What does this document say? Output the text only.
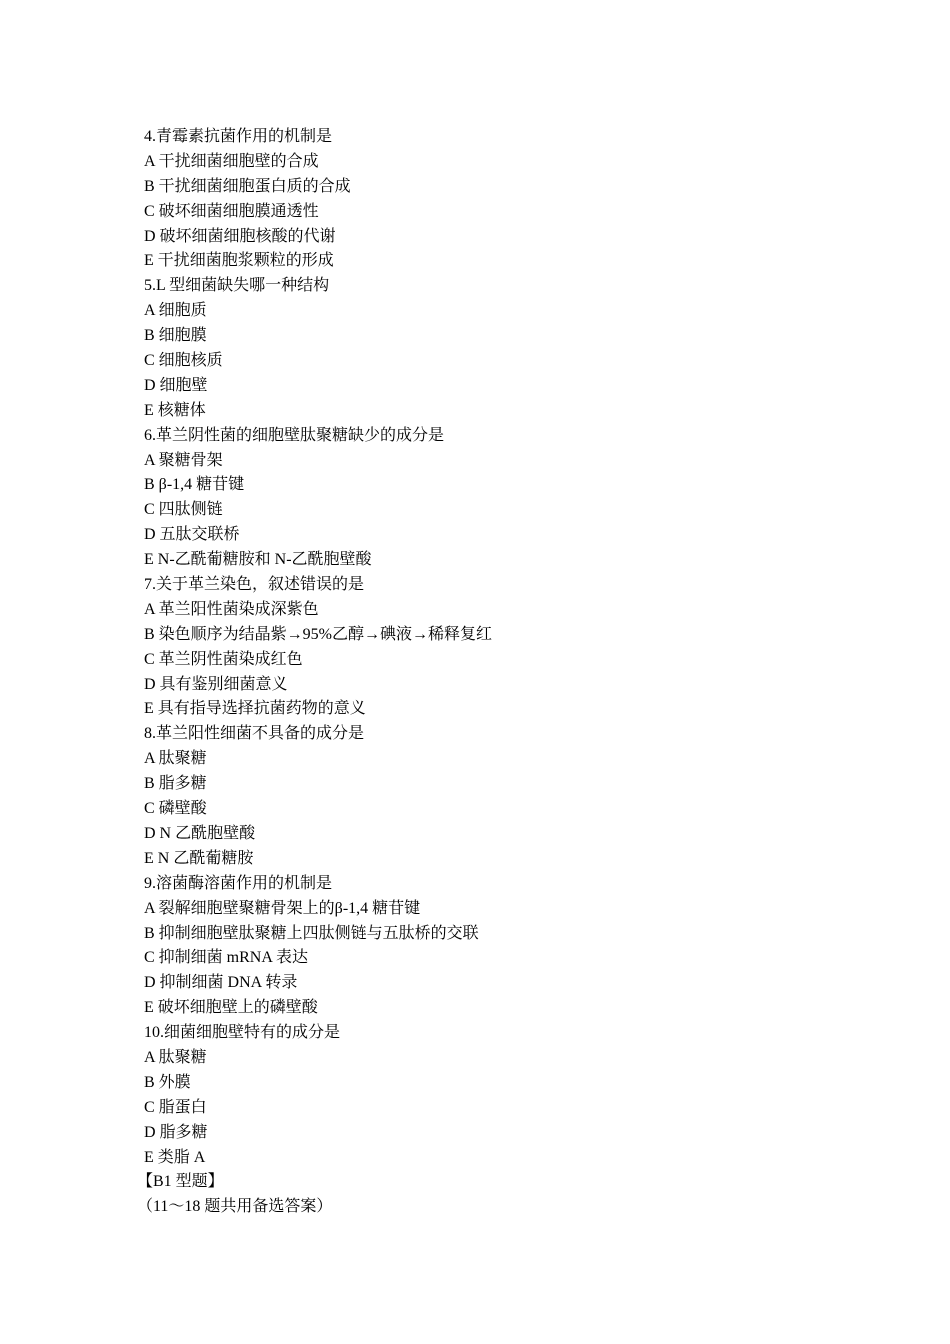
4.青霉素抗菌作用的机制是
A 干扰细菌细胞壁的合成
B 干扰细菌细胞蛋白质的合成
C 破坏细菌细胞膜通透性
D 破坏细菌细胞核酸的代谢
E 干扰细菌胞浆颗粒的形成
5.L 型细菌缺失哪一种结构
A 细胞质
B 细胞膜
C 细胞核质
D 细胞壁
E 核糖体
6.革兰阴性菌的细胞壁肽聚糖缺少的成分是
A 聚糖骨架
B β-1,4 糖苷键
C 四肽侧链
D 五肽交联桥
E N-乙酰葡糖胺和 N-乙酰胞壁酸
7.关于革兰染色，叙述错误的是
A 革兰阳性菌染成深紫色
B 染色顺序为结晶紫→95%乙醇→碘液→稀释复红
C 革兰阴性菌染成红色
D 具有鉴别细菌意义
E 具有指导选择抗菌药物的意义
8.革兰阳性细菌不具备的成分是
A 肽聚糖
B 脂多糖
C 磷壁酸
D N 乙酰胞壁酸
E N 乙酰葡糖胺
9.溶菌酶溶菌作用的机制是
A 裂解细胞壁聚糖骨架上的β-1,4 糖苷键
B 抑制细胞壁肽聚糖上四肽侧链与五肽桥的交联
C 抑制细菌 mRNA 表达
D 抑制细菌 DNA 转录
E 破坏细胞壁上的磷壁酸
10.细菌细胞壁特有的成分是
A 肽聚糖
B 外膜
C 脂蛋白
D 脂多糖
E 类脂 A
【B1 型题】
（11～18 题共用备选答案）
